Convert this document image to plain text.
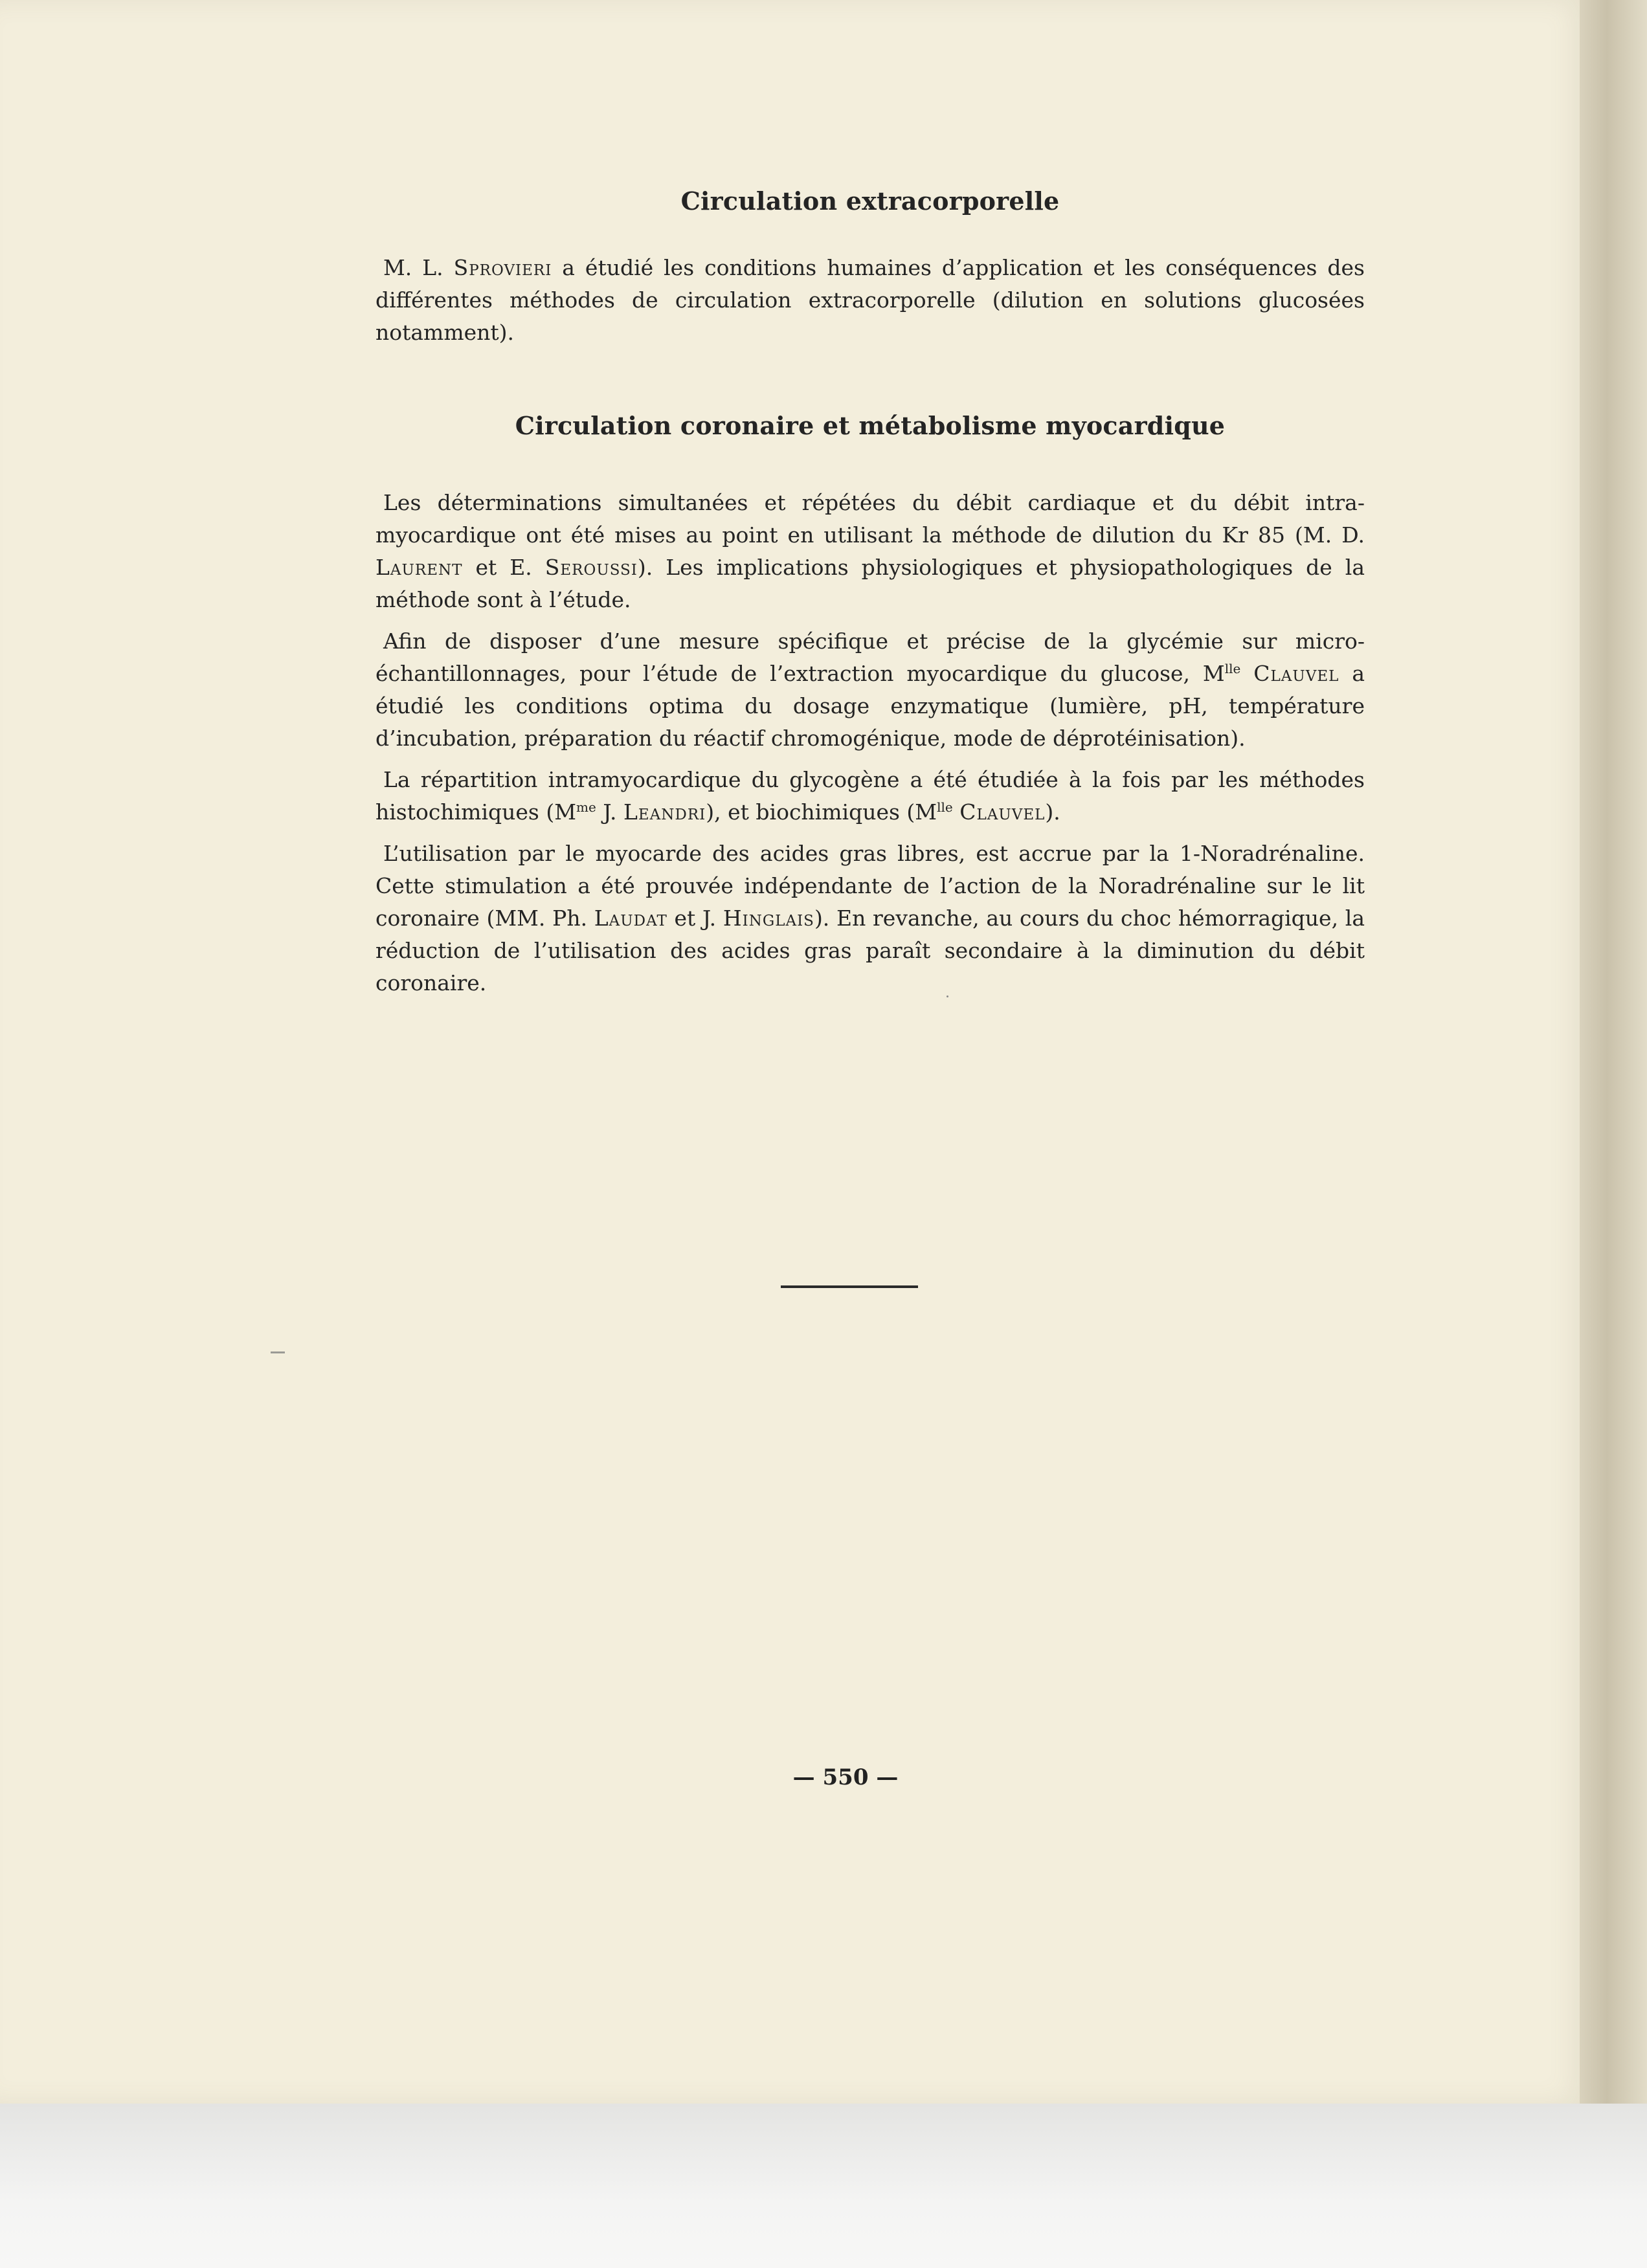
Circulation extracorporelle

M. L. Sprovieri a étudié les conditions humaines d’application et les conséquences des différentes méthodes de circulation extracorporelle (dilution en solutions glucosées notamment).

Circulation coronaire et métabolisme myocardique

Les déterminations simultanées et répétées du débit cardiaque et du débit intra-myocardique ont été mises au point en utilisant la méthode de dilution du Kr 85 (M. D. Laurent et E. Seroussi). Les implications physiologiques et physiopathologiques de la méthode sont à l’étude.

Afin de disposer d’une mesure spécifique et précise de la glycémie sur micro-échantillonnages, pour l’étude de l’extraction myocardique du glucose, $M^{lle}$ Clauvel a étudié les conditions optima du dosage enzymatique (lumière, pH, température d’incubation, préparation du réactif chromogénique, mode de déprotéinisation).

La répartition intramyocardique du glycogène a été étudiée à la fois par les méthodes histochimiques ($M^{me}$ J. Leandri), et biochimiques ($M^{lle}$ Clauvel).

L’utilisation par le myocarde des acides gras libres, est accrue par la 1-Noradrénaline. Cette stimulation a été prouvée indépendante de l’action de la Noradrénaline sur le lit coronaire (MM. Ph. Laudat et J. Hinglais). En revanche, au cours du choc hémorragique, la réduction de l’utilisation des acides gras paraît secondaire à la diminution du débit coronaire.

— 550 —
